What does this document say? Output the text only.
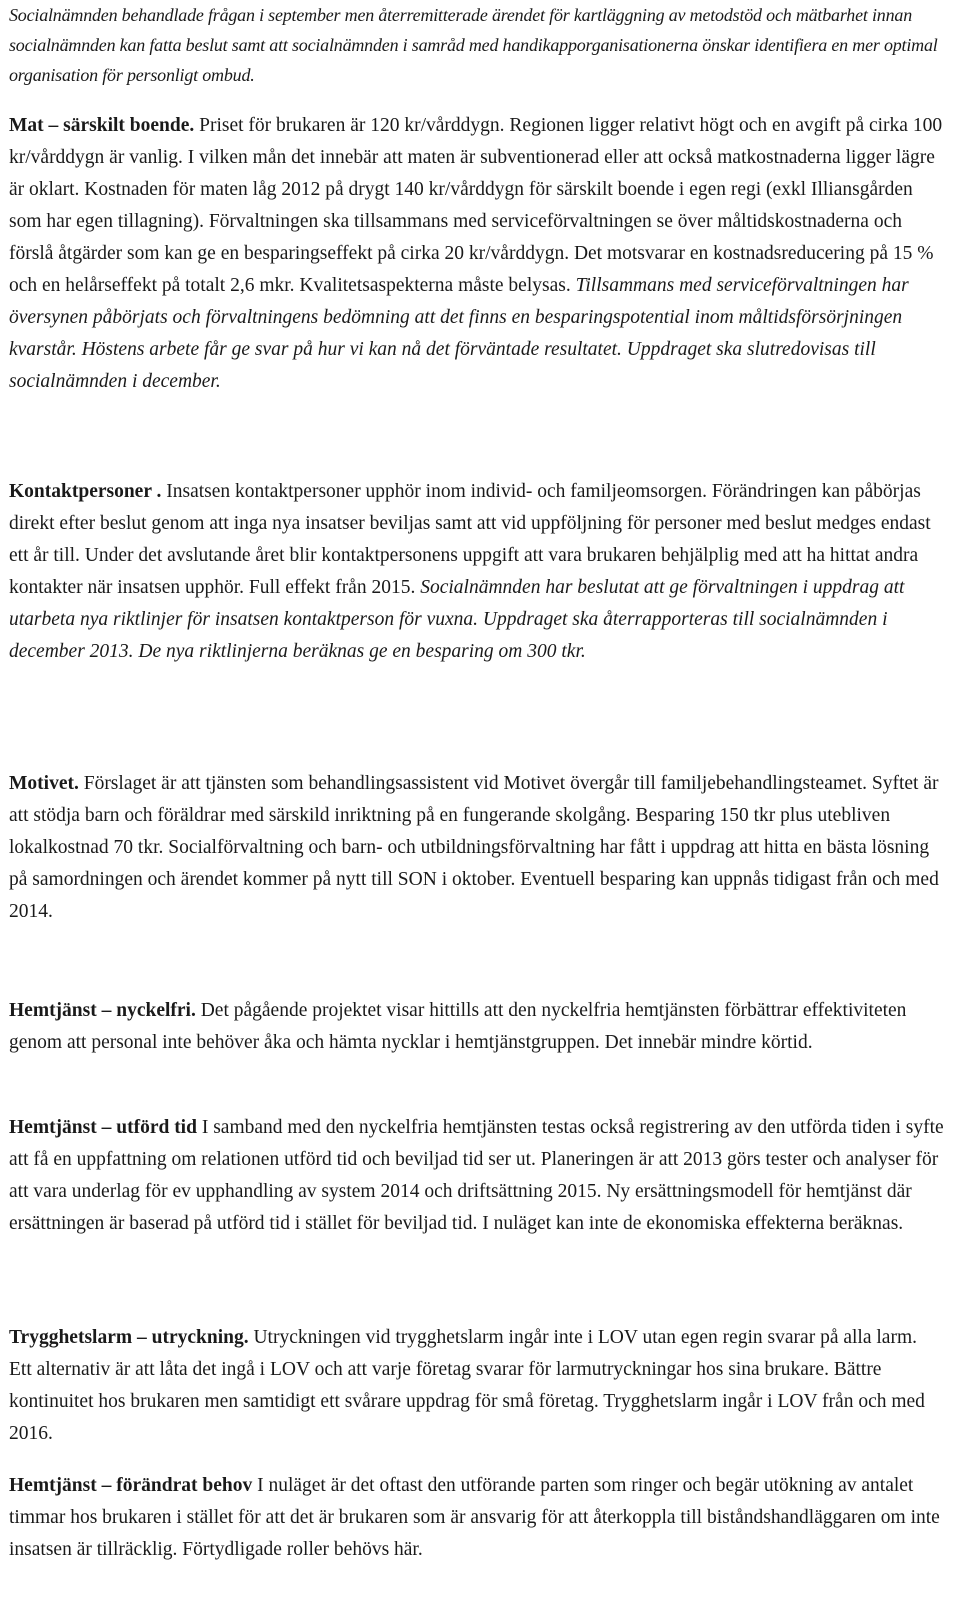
Socialnämnden behandlade frågan i september men återremitterade ärendet för kartläggning av metodstöd och mätbarhet innan socialnämnden kan fatta beslut samt att socialnämnden i samråd med handikapporganisationerna önskar identifiera en mer optimal organisation för personligt ombud.

Mat – särskilt boende. Priset för brukaren är 120 kr/vårddygn. Regionen ligger relativt högt och en avgift på cirka 100 kr/vårddygn är vanlig. I vilken mån det innebär att maten är subventionerad eller att också matkostnaderna ligger lägre är oklart. Kostnaden för maten låg 2012 på drygt 140 kr/vårddygn för särskilt boende i egen regi (exkl Illiansgården som har egen tillagning). Förvaltningen ska tillsammans med serviceförvaltningen se över måltidskostnaderna och förslå åtgärder som kan ge en besparingseffekt på cirka 20 kr/vårddygn. Det motsvarar en kostnadsreducering på 15 % och en helårseffekt på totalt 2,6 mkr. Kvalitetsaspekterna måste belysas. Tillsammans med serviceförvaltningen har översynen påbörjats och förvaltningens bedömning att det finns en besparingspotential inom måltidsförsörjningen kvarstår. Höstens arbete får ge svar på hur vi kan nå det förväntade resultatet. Uppdraget ska slutredovisas till socialnämnden i december.

Kontaktpersoner . Insatsen kontaktpersoner upphör inom individ- och familjeomsorgen. Förändringen kan påbörjas direkt efter beslut genom att inga nya insatser beviljas samt att vid uppföljning för personer med beslut medges endast ett år till. Under det avslutande året blir kontaktpersonens uppgift att vara brukaren behjälplig med att ha hittat andra kontakter när insatsen upphör. Full effekt från 2015. Socialnämnden har beslutat att ge förvaltningen i uppdrag att utarbeta nya riktlinjer för insatsen kontaktperson för vuxna. Uppdraget ska återrapporteras till socialnämnden i december 2013. De nya riktlinjerna beräknas ge en besparing om 300 tkr.

Motivet. Förslaget är att tjänsten som behandlingsassistent vid Motivet övergår till familjebehandlingsteamet. Syftet är att stödja barn och föräldrar med särskild inriktning på en fungerande skolgång. Besparing 150 tkr plus utebliven lokalkostnad 70 tkr. Socialförvaltning och barn- och utbildningsförvaltning har fått i uppdrag att hitta en bästa lösning på samordningen och ärendet kommer på nytt till SON i oktober. Eventuell besparing kan uppnås tidigast från och med 2014.

Hemtjänst – nyckelfri. Det pågående projektet visar hittills att den nyckelfria hemtjänsten förbättrar effektiviteten genom att personal inte behöver åka och hämta nycklar i hemtjänstgruppen. Det innebär mindre körtid.

Hemtjänst – utförd tid I samband med den nyckelfria hemtjänsten testas också registrering av den utförda tiden i syfte att få en uppfattning om relationen utförd tid och beviljad tid ser ut. Planeringen är att 2013 görs tester och analyser för att vara underlag för ev upphandling av system 2014 och driftsättning 2015. Ny ersättningsmodell för hemtjänst där ersättningen är baserad på utförd tid i stället för beviljad tid. I nuläget kan inte de ekonomiska effekterna beräknas.

Trygghetslarm – utryckning. Utryckningen vid trygghetslarm ingår inte i LOV utan egen regin svarar på alla larm. Ett alternativ är att låta det ingå i LOV och att varje företag svarar för larmutryckningar hos sina brukare. Bättre kontinuitet hos brukaren men samtidigt ett svårare uppdrag för små företag. Trygghetslarm ingår i LOV från och med 2016.

Hemtjänst – förändrat behov I nuläget är det oftast den utförande parten som ringer och begär utökning av antalet timmar hos brukaren i stället för att det är brukaren som är ansvarig för att återkoppla till biståndshandläggaren om inte insatsen är tillräcklig. Förtydligade roller behövs här.
